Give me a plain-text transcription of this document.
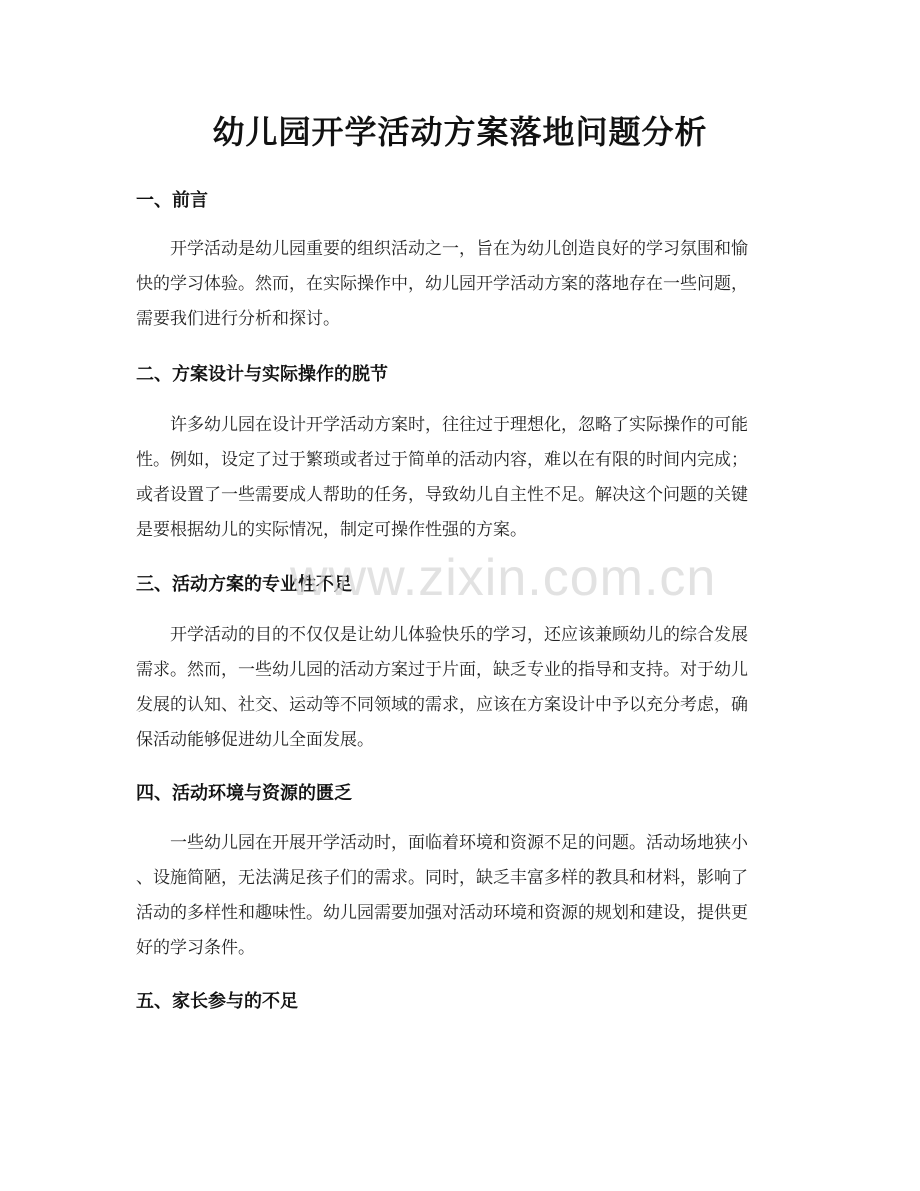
幼儿园开学活动方案落地问题分析
一、前言
开学活动是幼儿园重要的组织活动之一，旨在为幼儿创造良好的学习氛围和愉
快的学习体验。然而，在实际操作中，幼儿园开学活动方案的落地存在一些问题，
需要我们进行分析和探讨。
二、方案设计与实际操作的脱节
许多幼儿园在设计开学活动方案时，往往过于理想化，忽略了实际操作的可能
性。例如，设定了过于繁琐或者过于简单的活动内容，难以在有限的时间内完成；
或者设置了一些需要成人帮助的任务，导致幼儿自主性不足。解决这个问题的关键
是要根据幼儿的实际情况，制定可操作性强的方案。
三、活动方案的专业性不足
开学活动的目的不仅仅是让幼儿体验快乐的学习，还应该兼顾幼儿的综合发展
需求。然而，一些幼儿园的活动方案过于片面，缺乏专业的指导和支持。对于幼儿
发展的认知、社交、运动等不同领域的需求，应该在方案设计中予以充分考虑，确
保活动能够促进幼儿全面发展。
四、活动环境与资源的匮乏
一些幼儿园在开展开学活动时，面临着环境和资源不足的问题。活动场地狭小
、设施简陋，无法满足孩子们的需求。同时，缺乏丰富多样的教具和材料，影响了
活动的多样性和趣味性。幼儿园需要加强对活动环境和资源的规划和建设，提供更
好的学习条件。
五、家长参与的不足
www.zixin.com.cn
